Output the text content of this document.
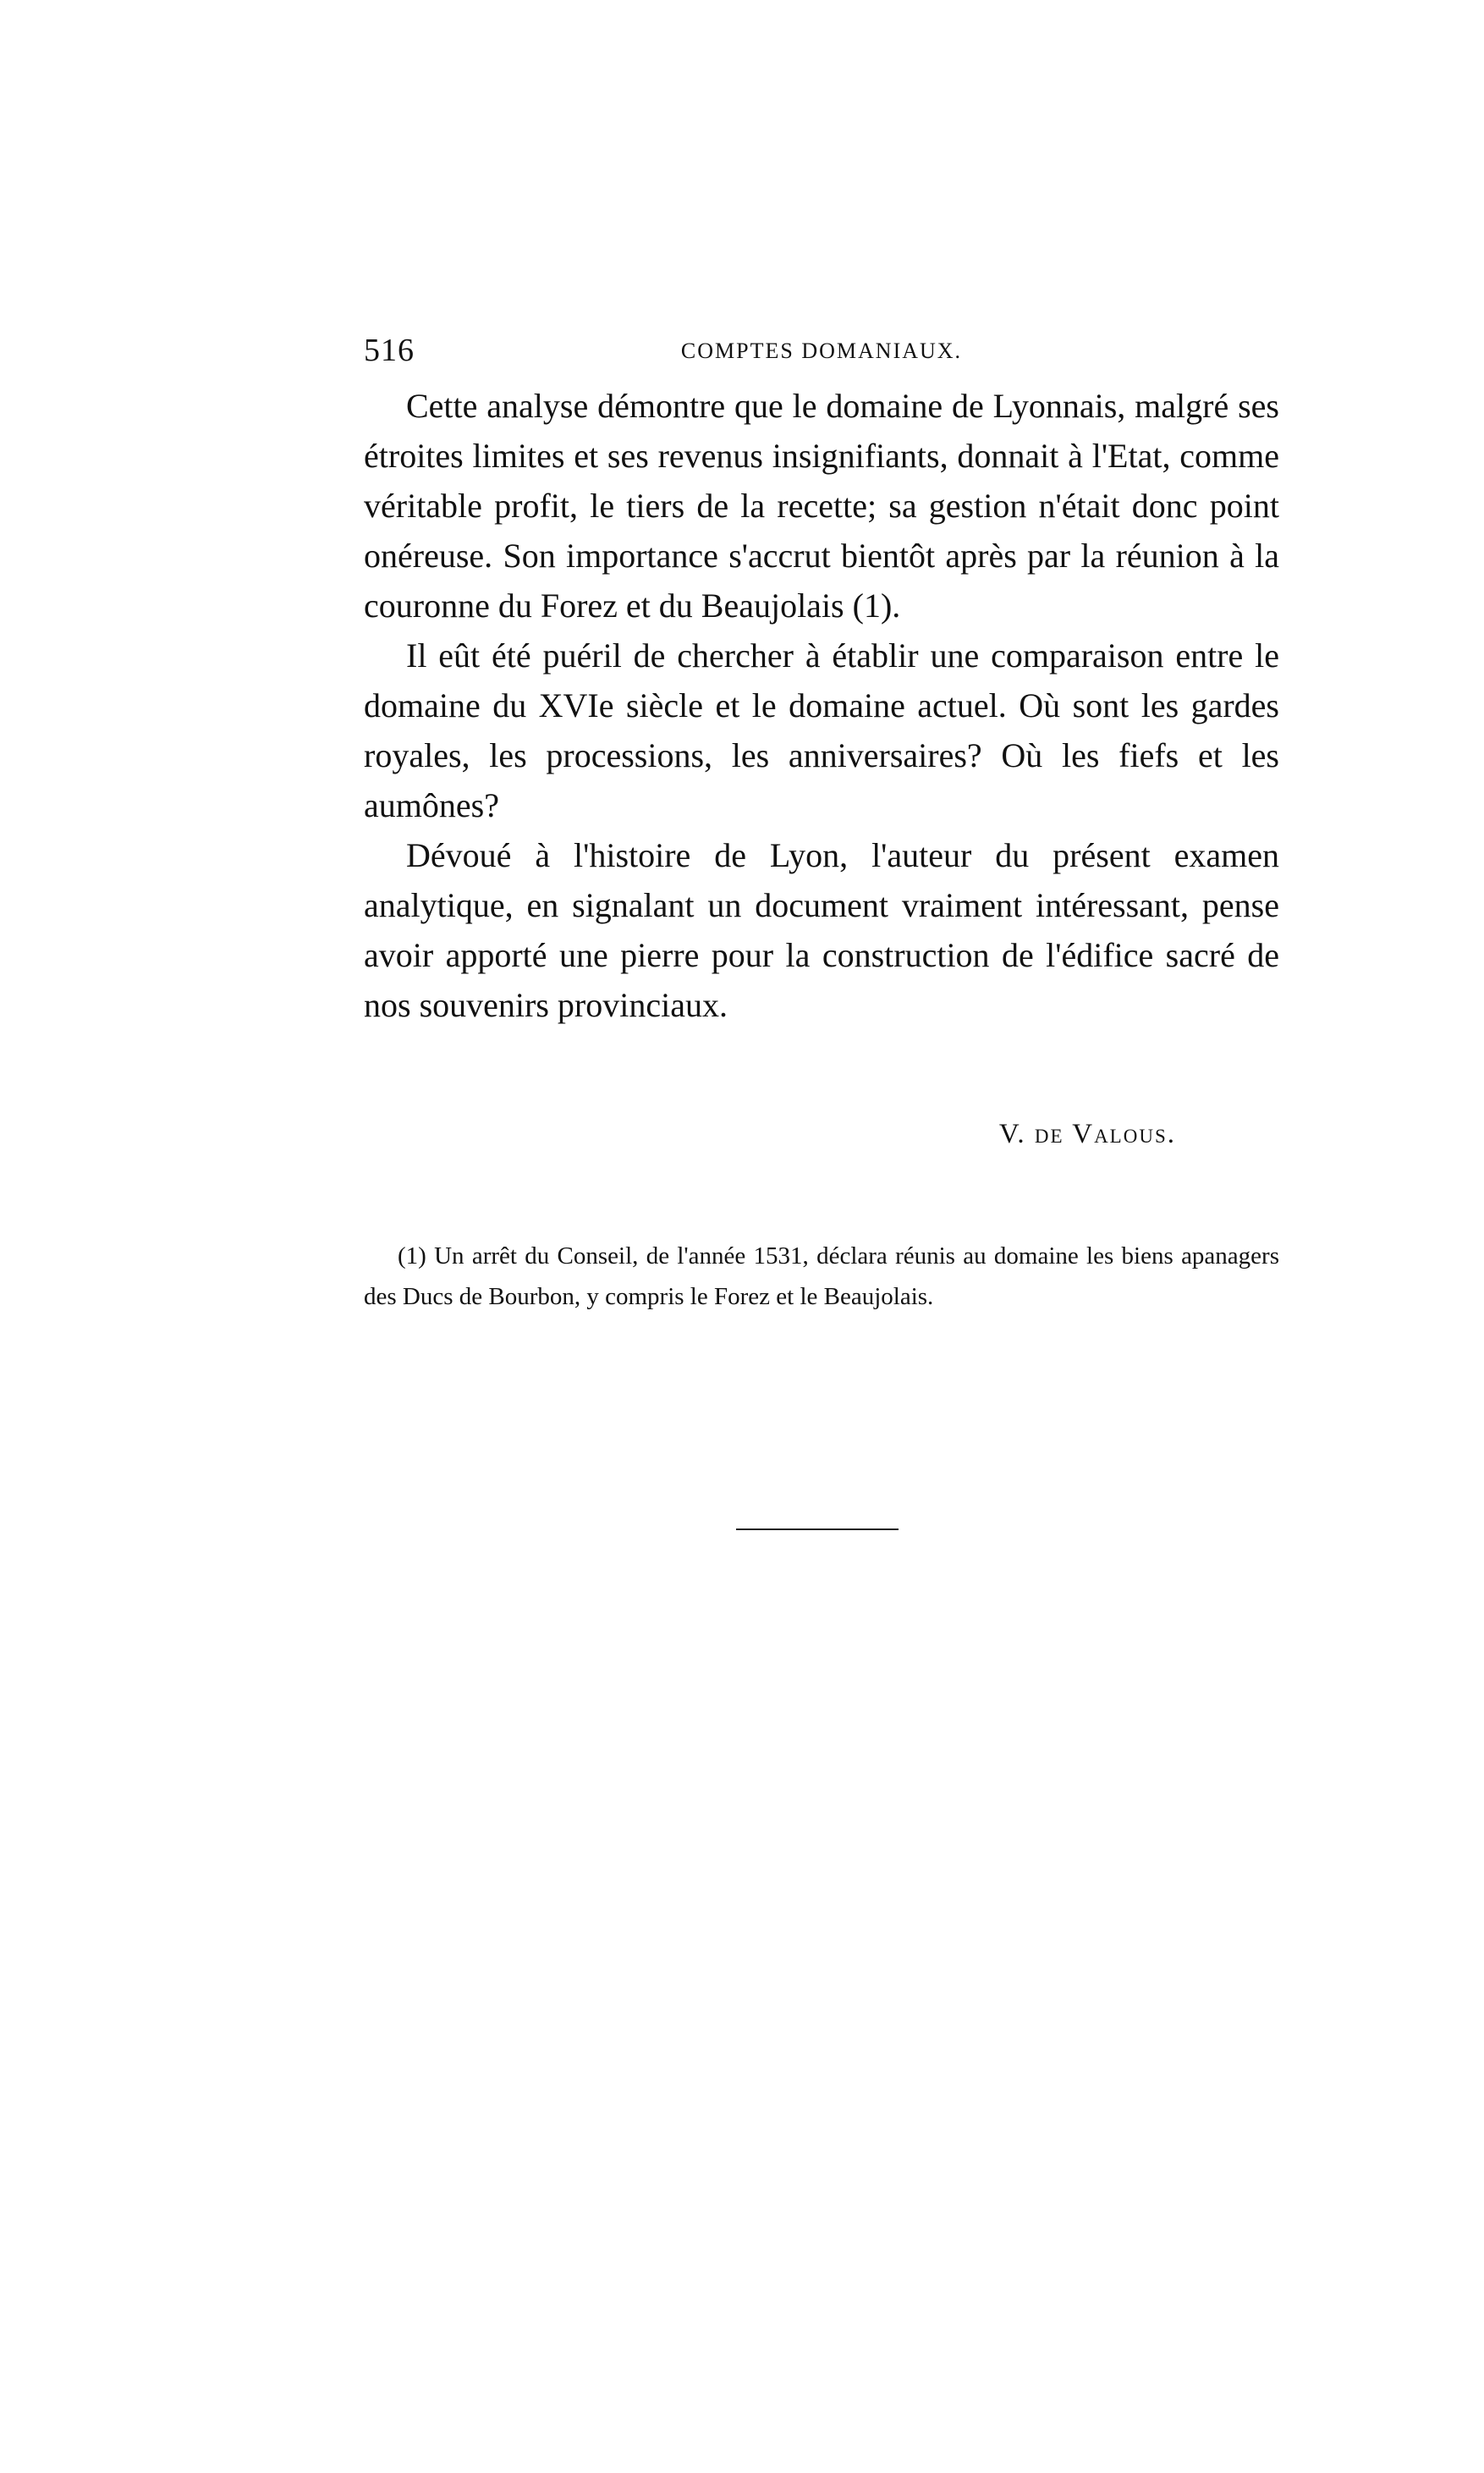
516	COMPTES DOMANIAUX.

Cette analyse démontre que le domaine de Lyonnais, malgré ses étroites limites et ses revenus insignifiants, donnait à l'Etat, comme véritable profit, le tiers de la recette; sa gestion n'était donc point onéreuse. Son importance s'accrut bientôt après par la réunion à la couronne du Forez et du Beaujolais (1).

Il eût été puéril de chercher à établir une comparaison entre le domaine du XVIe siècle et le domaine actuel. Où sont les gardes royales, les processions, les anniversaires? Où les fiefs et les aumônes?

Dévoué à l'histoire de Lyon, l'auteur du présent examen analytique, en signalant un document vraiment intéressant, pense avoir apporté une pierre pour la construction de l'édifice sacré de nos souvenirs provinciaux.

V. de Valous.
(1) Un arrêt du Conseil, de l'année 1531, déclara réunis au domaine les biens apanagers des Ducs de Bourbon, y compris le Forez et le Beaujolais.
